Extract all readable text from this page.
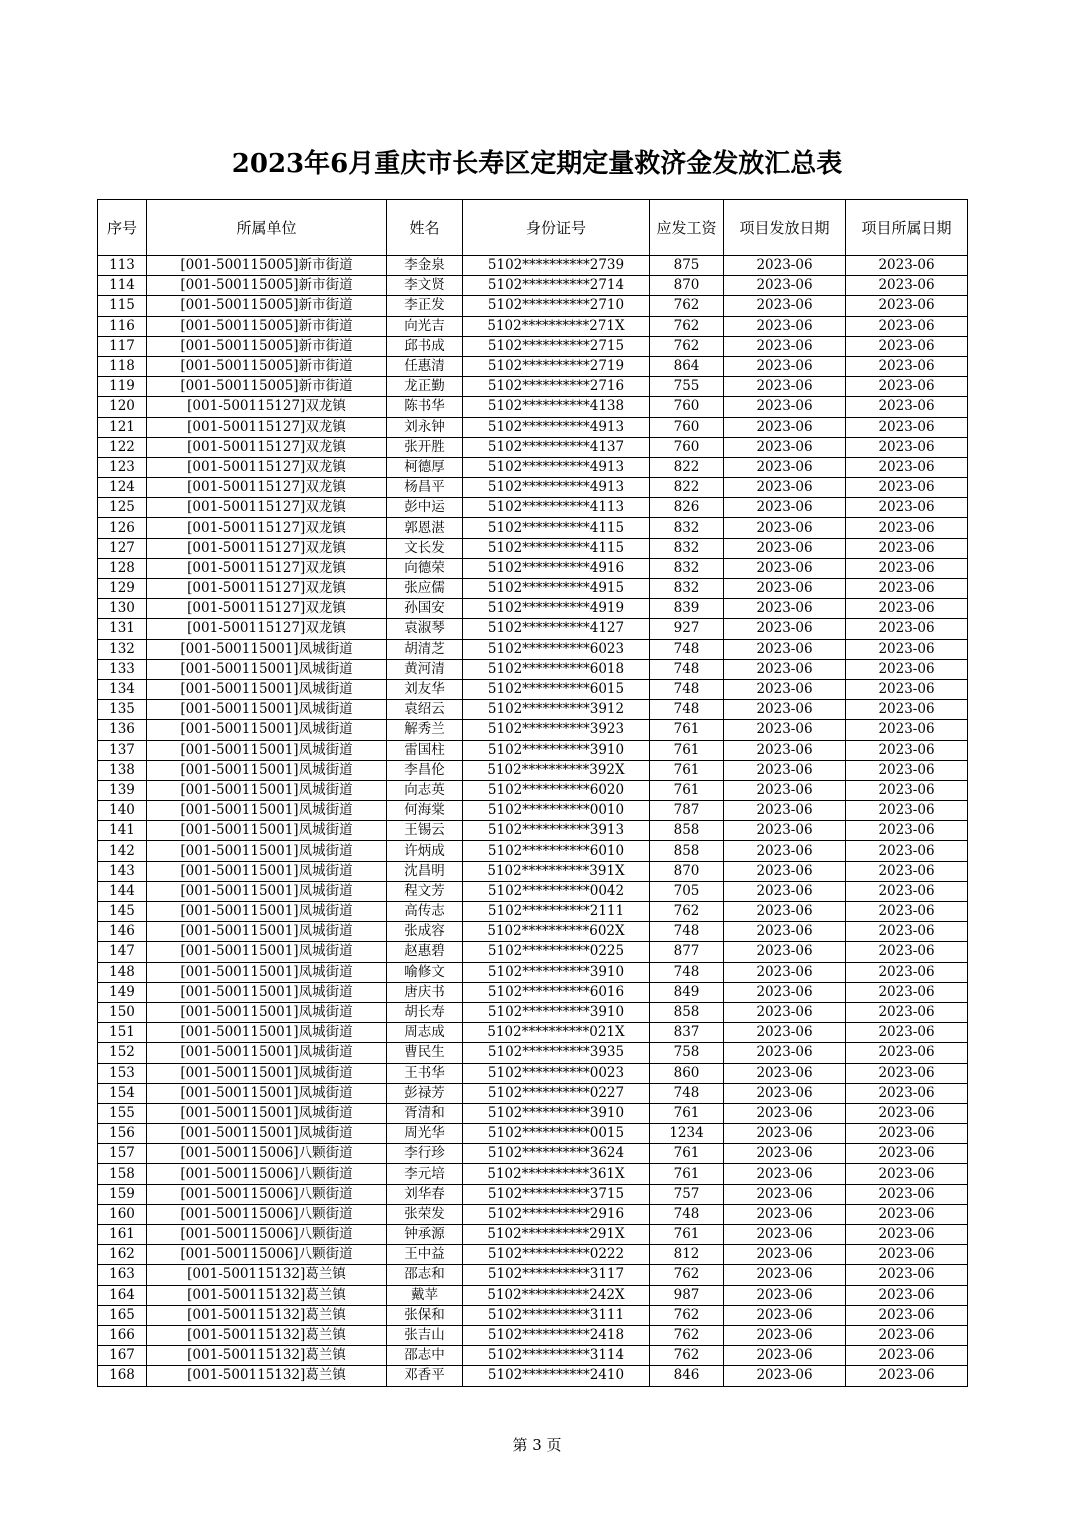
2023年6月重庆市长寿区定期定量救济金发放汇总表
序号	所属单位	姓名	身份证号	应发工资	项目发放日期	项目所属日期
113	[001-500115005]新市街道	李金泉	5102**********2739	875	2023-06	2023-06
114	[001-500115005]新市街道	李文贤	5102**********2714	870	2023-06	2023-06
115	[001-500115005]新市街道	李正发	5102**********2710	762	2023-06	2023-06
116	[001-500115005]新市街道	向光吉	5102**********271X	762	2023-06	2023-06
117	[001-500115005]新市街道	邱书成	5102**********2715	762	2023-06	2023-06
118	[001-500115005]新市街道	任惠清	5102**********2719	864	2023-06	2023-06
119	[001-500115005]新市街道	龙正勤	5102**********2716	755	2023-06	2023-06
120	[001-500115127]双龙镇	陈书华	5102**********4138	760	2023-06	2023-06
121	[001-500115127]双龙镇	刘永钟	5102**********4913	760	2023-06	2023-06
122	[001-500115127]双龙镇	张开胜	5102**********4137	760	2023-06	2023-06
123	[001-500115127]双龙镇	柯德厚	5102**********4913	822	2023-06	2023-06
124	[001-500115127]双龙镇	杨昌平	5102**********4913	822	2023-06	2023-06
125	[001-500115127]双龙镇	彭中运	5102**********4113	826	2023-06	2023-06
126	[001-500115127]双龙镇	郭恩湛	5102**********4115	832	2023-06	2023-06
127	[001-500115127]双龙镇	文长发	5102**********4115	832	2023-06	2023-06
128	[001-500115127]双龙镇	向德荣	5102**********4916	832	2023-06	2023-06
129	[001-500115127]双龙镇	张应儒	5102**********4915	832	2023-06	2023-06
130	[001-500115127]双龙镇	孙国安	5102**********4919	839	2023-06	2023-06
131	[001-500115127]双龙镇	袁淑琴	5102**********4127	927	2023-06	2023-06
132	[001-500115001]凤城街道	胡清芝	5102**********6023	748	2023-06	2023-06
133	[001-500115001]凤城街道	黄河清	5102**********6018	748	2023-06	2023-06
134	[001-500115001]凤城街道	刘友华	5102**********6015	748	2023-06	2023-06
135	[001-500115001]凤城街道	袁绍云	5102**********3912	748	2023-06	2023-06
136	[001-500115001]凤城街道	解秀兰	5102**********3923	761	2023-06	2023-06
137	[001-500115001]凤城街道	雷国柱	5102**********3910	761	2023-06	2023-06
138	[001-500115001]凤城街道	李昌伦	5102**********392X	761	2023-06	2023-06
139	[001-500115001]凤城街道	向志英	5102**********6020	761	2023-06	2023-06
140	[001-500115001]凤城街道	何海棠	5102**********0010	787	2023-06	2023-06
141	[001-500115001]凤城街道	王锡云	5102**********3913	858	2023-06	2023-06
142	[001-500115001]凤城街道	许炳成	5102**********6010	858	2023-06	2023-06
143	[001-500115001]凤城街道	沈昌明	5102**********391X	870	2023-06	2023-06
144	[001-500115001]凤城街道	程文芳	5102**********0042	705	2023-06	2023-06
145	[001-500115001]凤城街道	高传志	5102**********2111	762	2023-06	2023-06
146	[001-500115001]凤城街道	张成容	5102**********602X	748	2023-06	2023-06
147	[001-500115001]凤城街道	赵惠碧	5102**********0225	877	2023-06	2023-06
148	[001-500115001]凤城街道	喻修文	5102**********3910	748	2023-06	2023-06
149	[001-500115001]凤城街道	唐庆书	5102**********6016	849	2023-06	2023-06
150	[001-500115001]凤城街道	胡长寿	5102**********3910	858	2023-06	2023-06
151	[001-500115001]凤城街道	周志成	5102**********021X	837	2023-06	2023-06
152	[001-500115001]凤城街道	曹民生	5102**********3935	758	2023-06	2023-06
153	[001-500115001]凤城街道	王书华	5102**********0023	860	2023-06	2023-06
154	[001-500115001]凤城街道	彭禄芳	5102**********0227	748	2023-06	2023-06
155	[001-500115001]凤城街道	胥清和	5102**********3910	761	2023-06	2023-06
156	[001-500115001]凤城街道	周光华	5102**********0015	1234	2023-06	2023-06
157	[001-500115006]八颗街道	李行珍	5102**********3624	761	2023-06	2023-06
158	[001-500115006]八颗街道	李元培	5102**********361X	761	2023-06	2023-06
159	[001-500115006]八颗街道	刘华春	5102**********3715	757	2023-06	2023-06
160	[001-500115006]八颗街道	张荣发	5102**********2916	748	2023-06	2023-06
161	[001-500115006]八颗街道	钟承源	5102**********291X	761	2023-06	2023-06
162	[001-500115006]八颗街道	王中益	5102**********0222	812	2023-06	2023-06
163	[001-500115132]葛兰镇	邵志和	5102**********3117	762	2023-06	2023-06
164	[001-500115132]葛兰镇	戴苹	5102**********242X	987	2023-06	2023-06
165	[001-500115132]葛兰镇	张保和	5102**********3111	762	2023-06	2023-06
166	[001-500115132]葛兰镇	张吉山	5102**********2418	762	2023-06	2023-06
167	[001-500115132]葛兰镇	邵志中	5102**********3114	762	2023-06	2023-06
168	[001-500115132]葛兰镇	邓香平	5102**********2410	846	2023-06	2023-06
第 3 页
